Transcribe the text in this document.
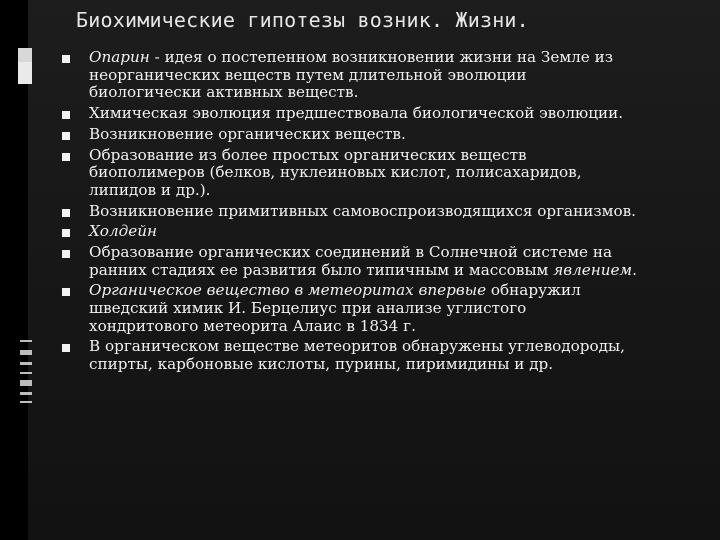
Биохимические гипотезы возник. Жизни.
Опарин - идея о постепенном возникновении жизни на Земле из
неорганических веществ путем длительной эволюции
биологически активных веществ.
Химическая эволюция предшествовала биологической эволюции.
Возникновение органических веществ.
Образование из более простых органических веществ
биополимеров (белков, нуклеиновых кислот, полисахаридов,
липидов и др.).
Возникновение примитивных самовоспроизводящихся организмов.
Холдейн
Образование органических соединений в Солнечной системе на
ранних стадиях ее развития было типичным и массовым явлением.
Органическое вещество в метеоритах впервые обнаружил
шведский химик И. Берцелиус при анализе углистого
хондритового метеорита Алаис в 1834 г.
В органическом веществе метеоритов обнаружены углеводороды,
спирты, карбоновые кислоты, пурины, пиримидины и др.
